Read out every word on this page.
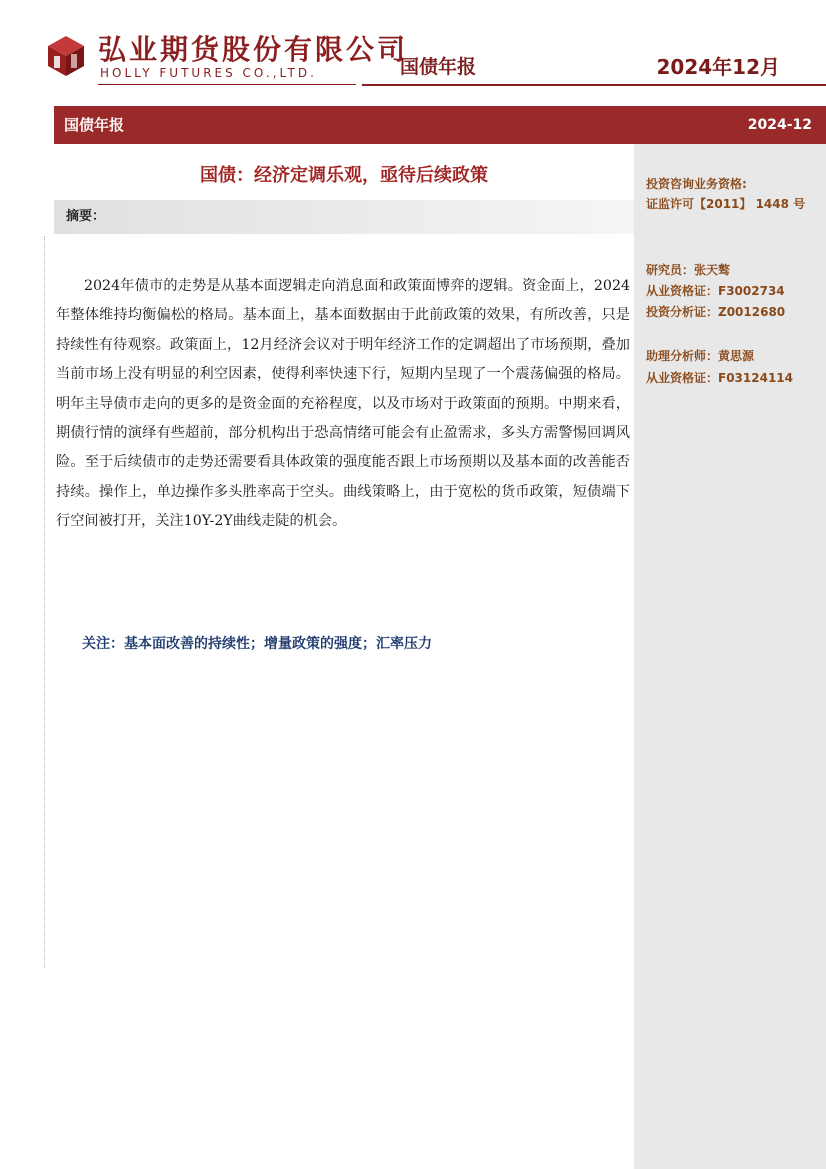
弘业期货股份有限公司
HOLLY FUTURES CO.,LTD.	国债年报	2024年12月
国债年报	2024-12
投资咨询业务资格:
证监许可【2011】 1448 号
研究员：张天骜
从业资格证：F3002734
投资分析证：Z0012680
助理分析师：黄思源
从业资格证：F03124114
国债：经济定调乐观，亟待后续政策
摘要：

2024年债市的走势是从基本面逻辑走向消息面和政策面博弈的逻辑。资金面上，2024年整体维持均衡偏松的格局。基本面上，基本面数据由于此前政策的效果，有所改善，只是持续性有待观察。政策面上，12月经济会议对于明年经济工作的定调超出了市场预期，叠加当前市场上没有明显的利空因素，使得利率快速下行，短期内呈现了一个震荡偏强的格局。明年主导债市走向的更多的是资金面的充裕程度，以及市场对于政策面的预期。中期来看，期债行情的演绎有些超前，部分机构出于恐高情绪可能会有止盈需求，多头方需警惕回调风险。至于后续债市的走势还需要看具体政策的强度能否跟上市场预期以及基本面的改善能否持续。操作上，单边操作多头胜率高于空头。曲线策略上，由于宽松的货币政策，短债端下行空间被打开，关注10Y-2Y曲线走陡的机会。

关注：基本面改善的持续性；增量政策的强度；汇率压力
